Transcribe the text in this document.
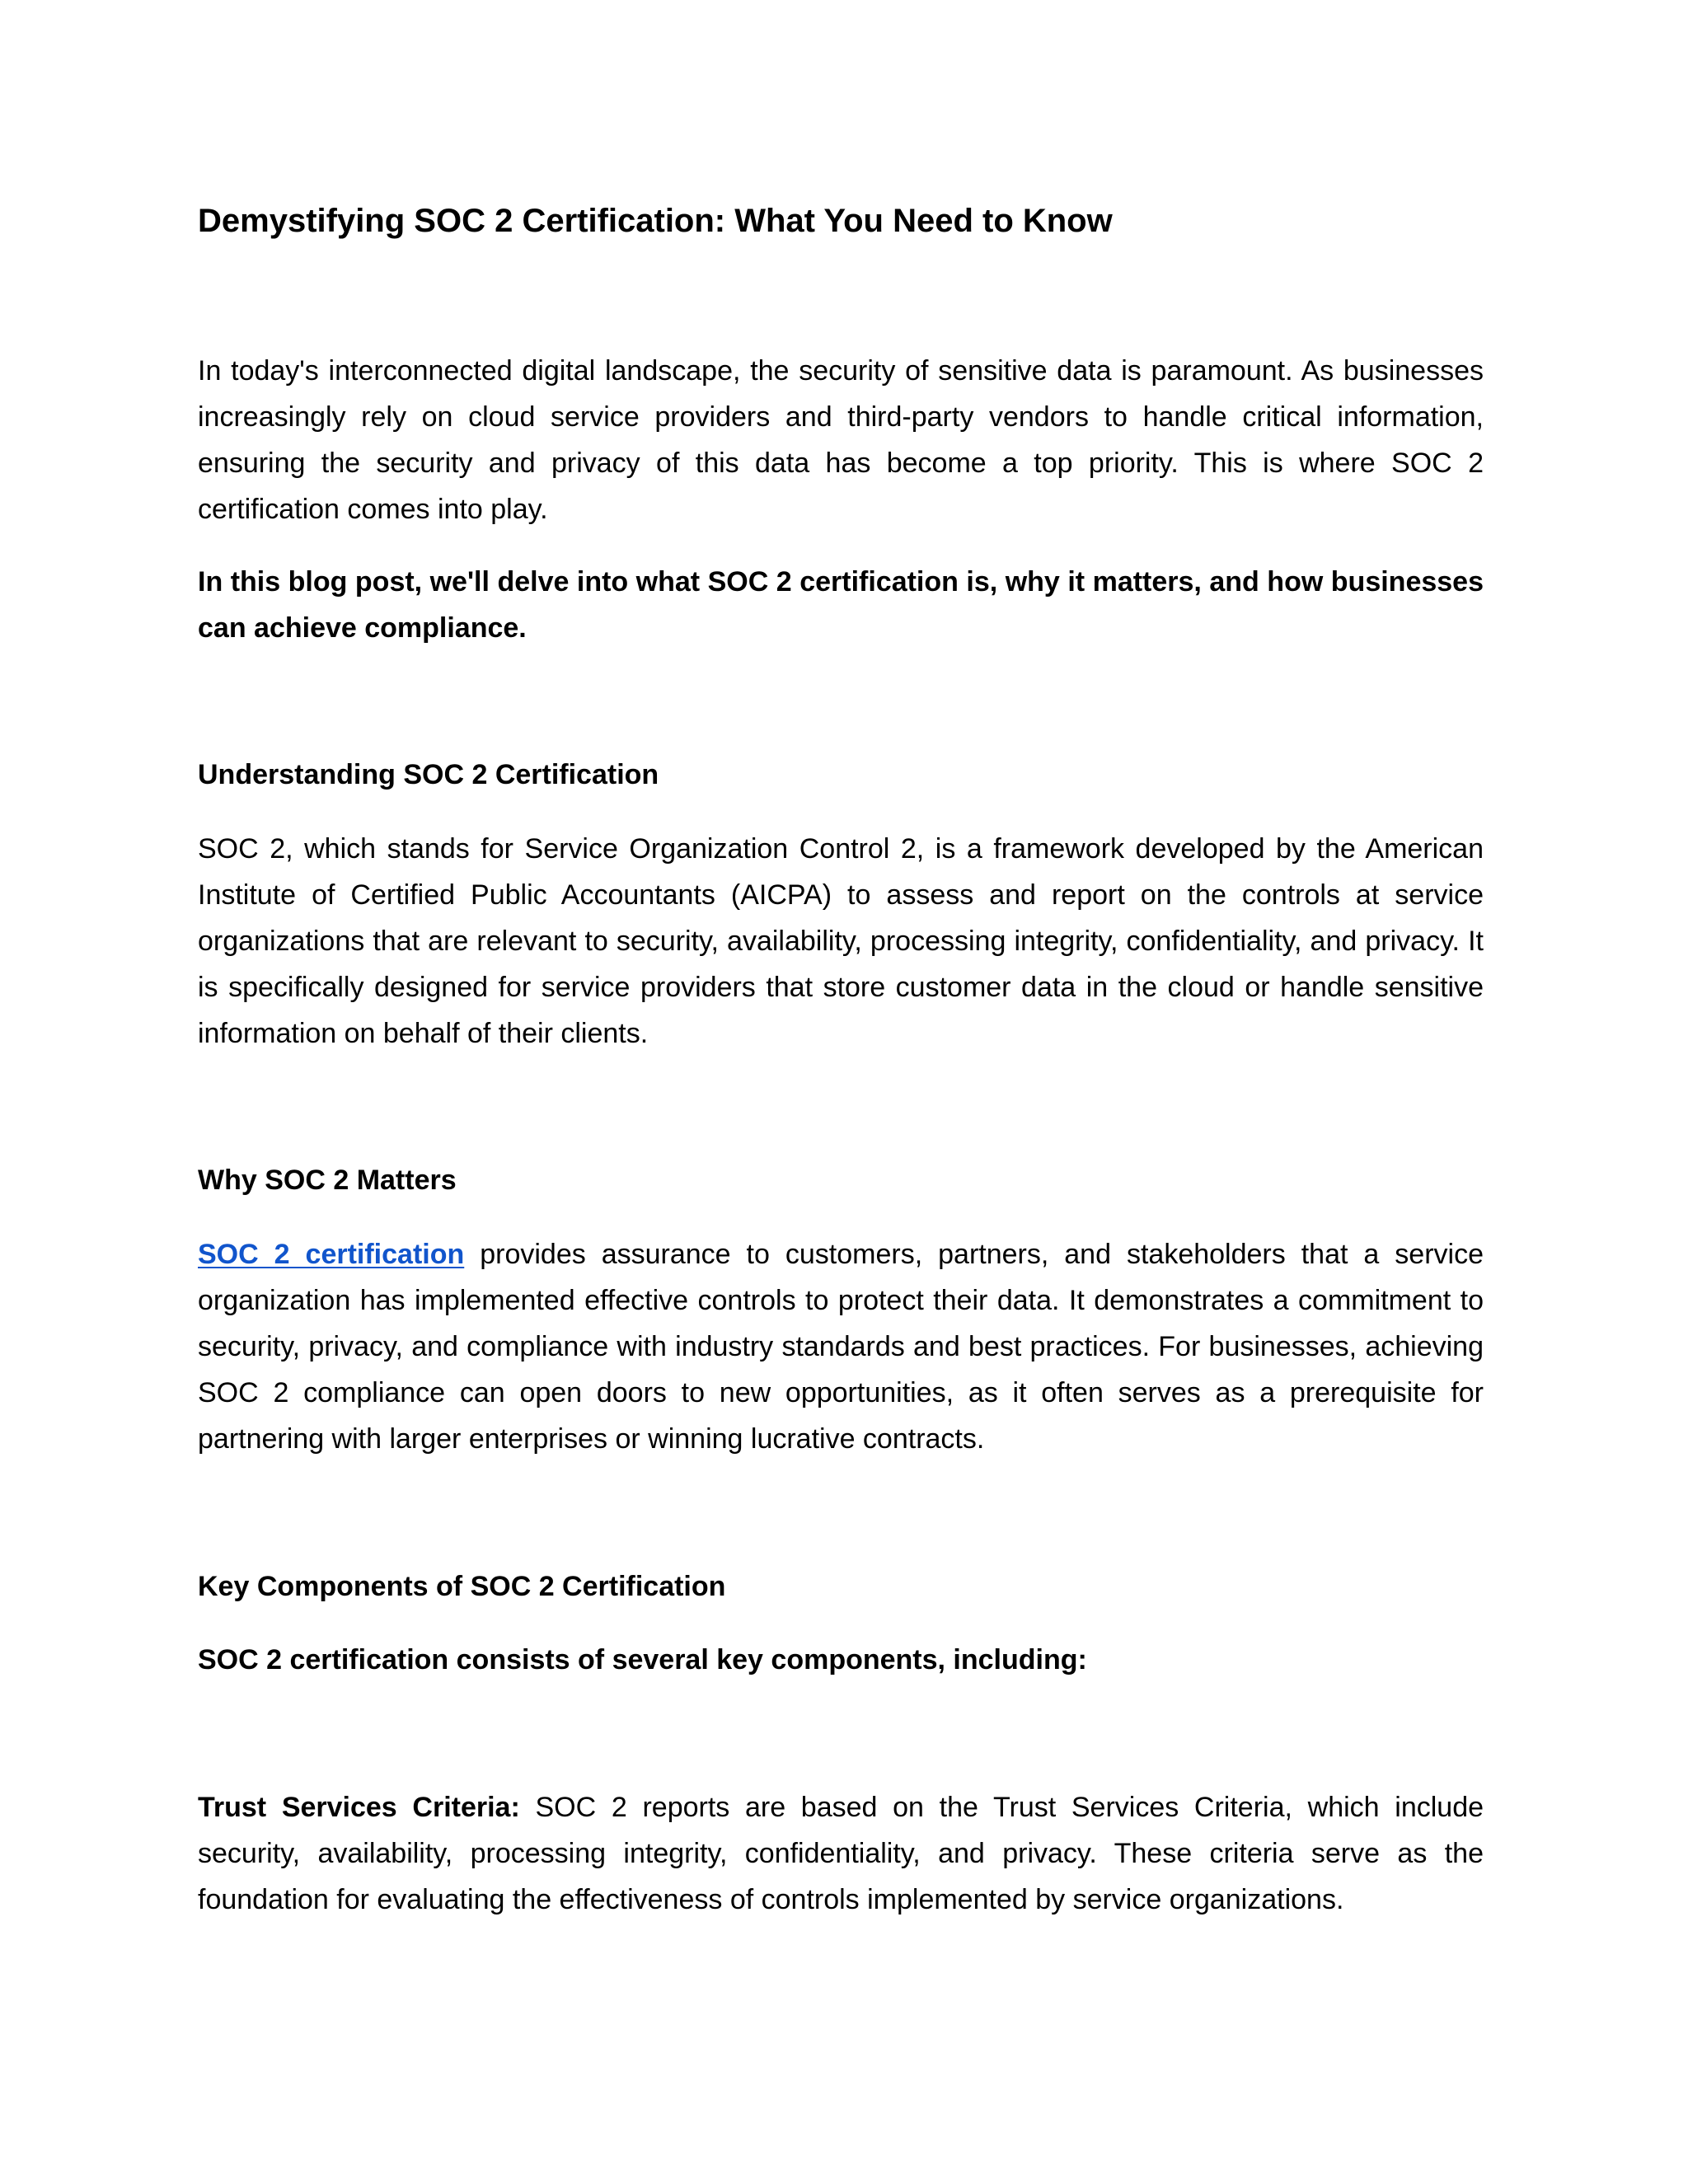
Demystifying SOC 2 Certification: What You Need to Know

In today's interconnected digital landscape, the security of sensitive data is paramount. As businesses increasingly rely on cloud service providers and third-party vendors to handle critical information, ensuring the security and privacy of this data has become a top priority. This is where SOC 2 certification comes into play.

In this blog post, we'll delve into what SOC 2 certification is, why it matters, and how businesses can achieve compliance.

Understanding SOC 2 Certification

SOC 2, which stands for Service Organization Control 2, is a framework developed by the American Institute of Certified Public Accountants (AICPA) to assess and report on the controls at service organizations that are relevant to security, availability, processing integrity, confidentiality, and privacy. It is specifically designed for service providers that store customer data in the cloud or handle sensitive information on behalf of their clients.

Why SOC 2 Matters

SOC 2 certification provides assurance to customers, partners, and stakeholders that a service organization has implemented effective controls to protect their data. It demonstrates a commitment to security, privacy, and compliance with industry standards and best practices. For businesses, achieving SOC 2 compliance can open doors to new opportunities, as it often serves as a prerequisite for partnering with larger enterprises or winning lucrative contracts.

Key Components of SOC 2 Certification

SOC 2 certification consists of several key components, including:

Trust Services Criteria: SOC 2 reports are based on the Trust Services Criteria, which include security, availability, processing integrity, confidentiality, and privacy. These criteria serve as the foundation for evaluating the effectiveness of controls implemented by service organizations.
